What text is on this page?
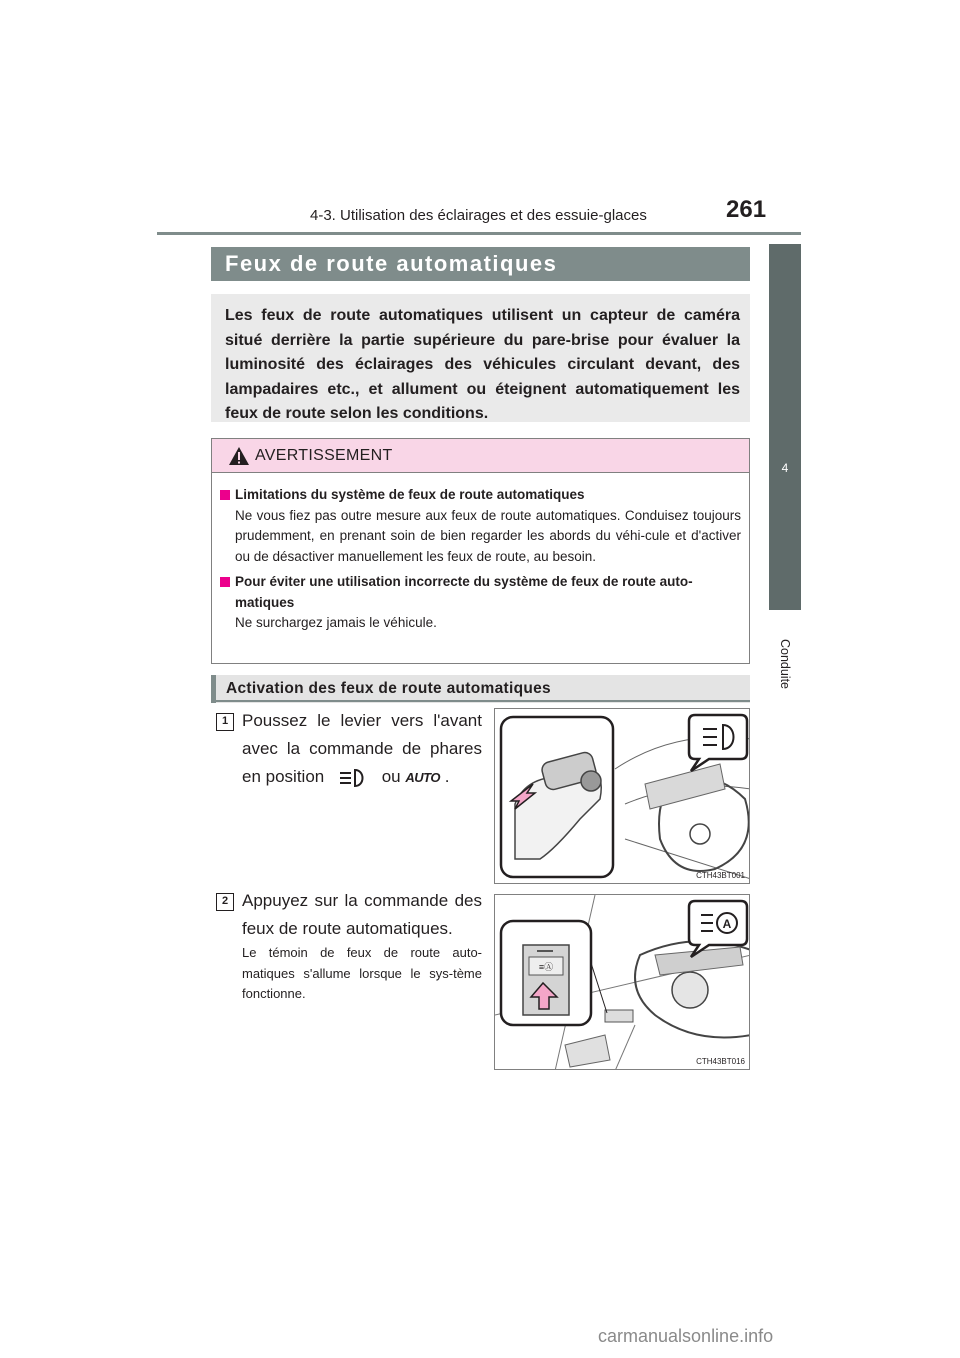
4-3. Utilisation des éclairages et des essuie-glaces	261
4
Conduite
Feux de route automatiques
Les feux de route automatiques utilisent un capteur de caméra situé derrière la partie supérieure du pare-brise pour évaluer la luminosité des éclairages des véhicules circulant devant, des lampadaires etc., et allument ou éteignent automatiquement les feux de route selon les conditions.
AVERTISSEMENT
Limitations du système de feux de route automatiques
Ne vous fiez pas outre mesure aux feux de route automatiques. Conduisez toujours prudemment, en prenant soin de bien regarder les abords du véhi-cule et d'activer ou de désactiver manuellement les feux de route, au besoin.
Pour éviter une utilisation incorrecte du système de feux de route auto-matiques
Ne surchargez jamais le véhicule.
Activation des feux de route automatiques
1 Poussez le levier vers l'avant avec la commande de phares en position	ou AUTO .
CTH43BT001
2 Appuyez sur la commande des feux de route automatiques.
Le témoin de feux de route auto-matiques s'allume lorsque le sys-tème fonctionne.
≡Ⓐ
A
CTH43BT016
carmanualsonline.info
